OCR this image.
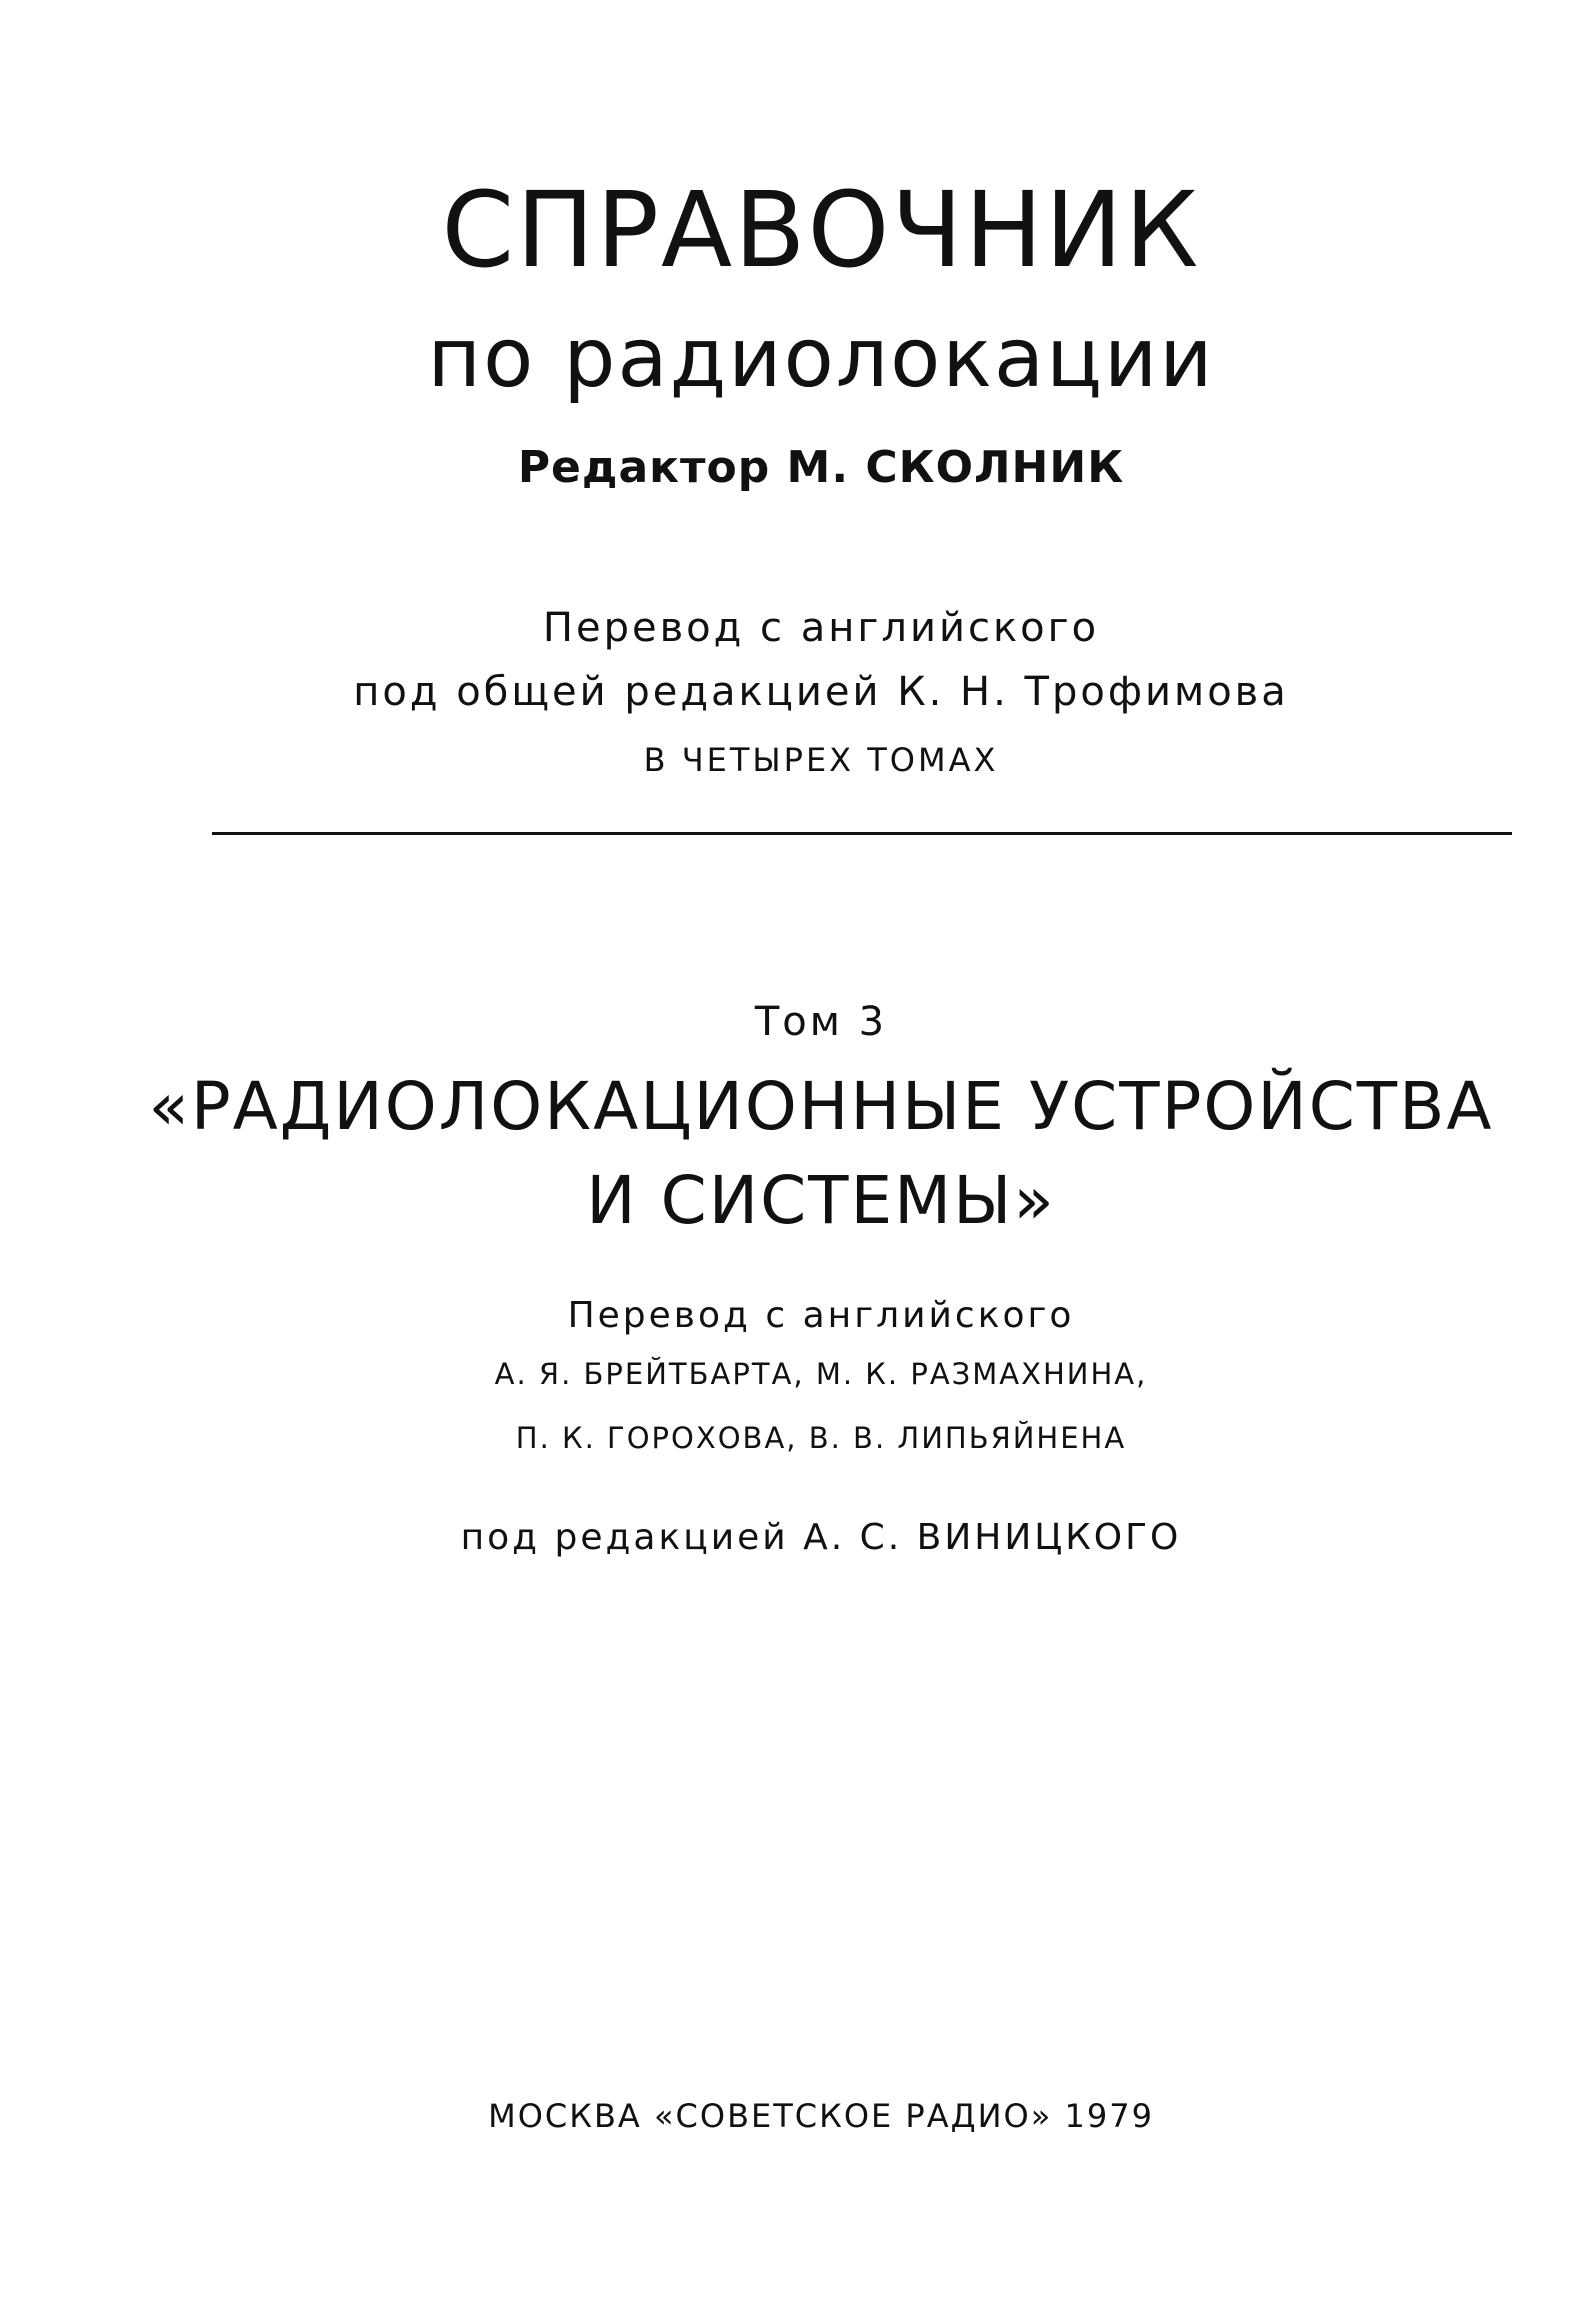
СПРАВОЧНИК
по радиолокации
Редактор М. СКОЛНИК
Перевод с английского
под общей редакцией К. Н. Трофимова
В ЧЕТЫРЕХ ТОМАХ
Том 3
«РАДИОЛОКАЦИОННЫЕ УСТРОЙСТВА
И СИСТЕМЫ»
Перевод с английского
А. Я. БРЕЙТБАРТА, М. К. РАЗМАХНИНА,
П. К. ГОРОХОВА, В. В. ЛИПЬЯЙНЕНА
под редакцией А. С. ВИНИЦКОГО
МОСКВА «СОВЕТСКОЕ РАДИО» 1979
